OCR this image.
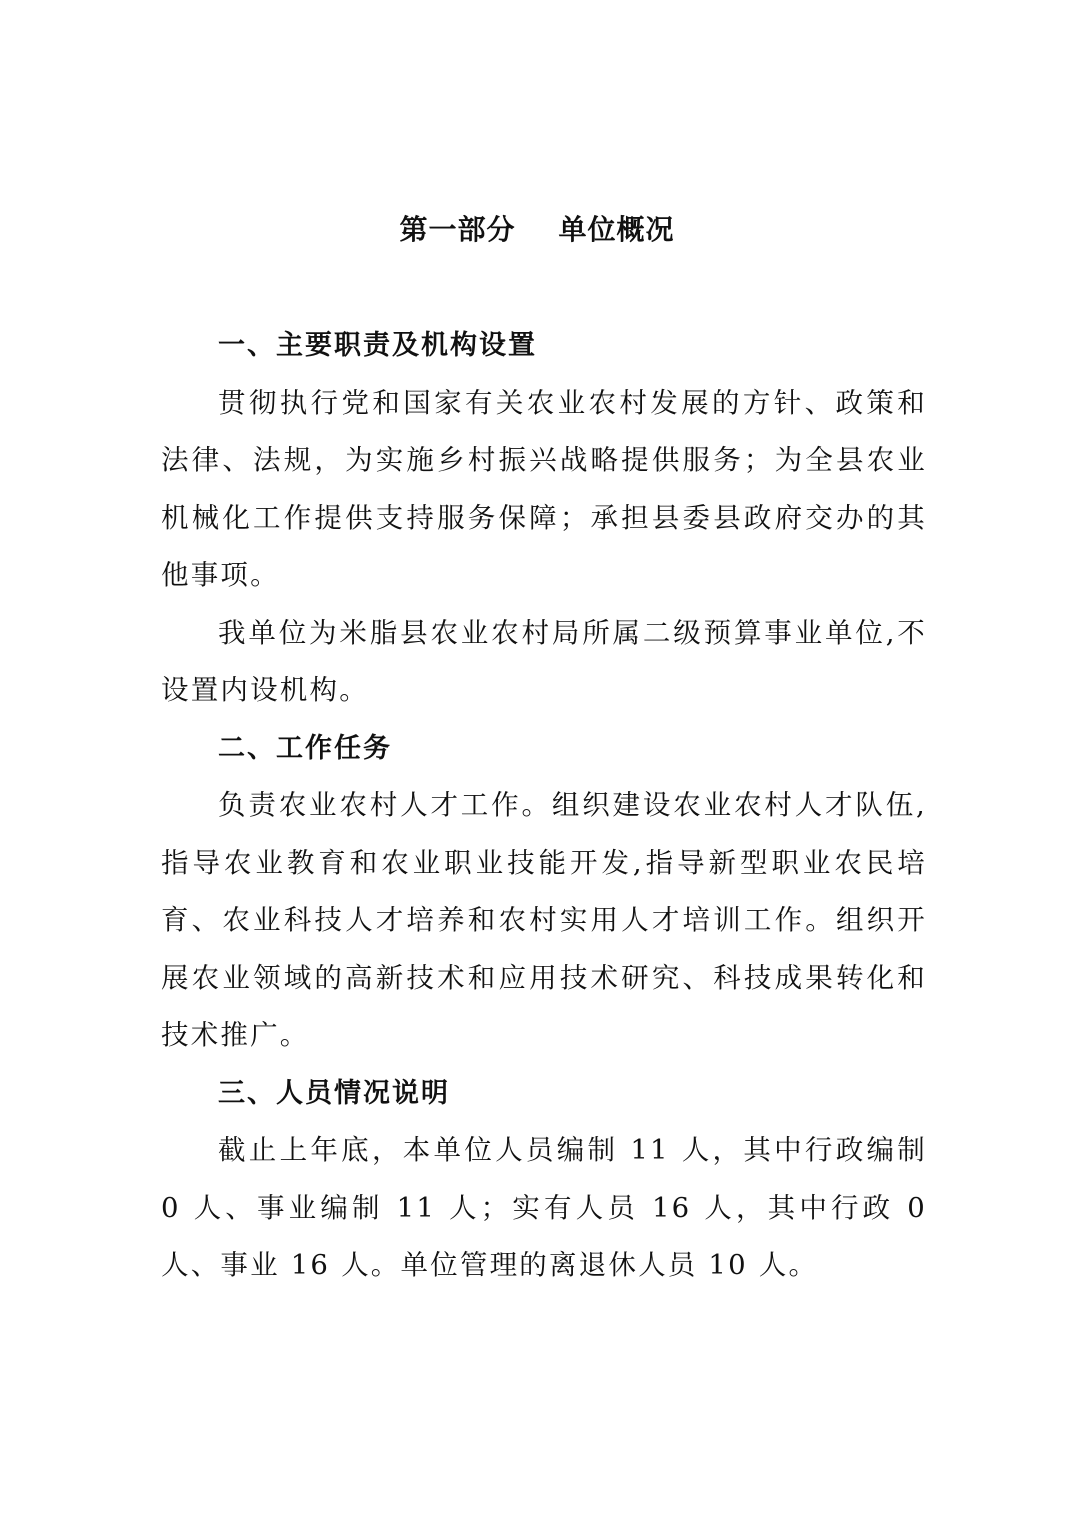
第一部分    单位概况

一、主要职责及机构设置

贯彻执行党和国家有关农业农村发展的方针、政策和法律、法规，为实施乡村振兴战略提供服务；为全县农业机械化工作提供支持服务保障；承担县委县政府交办的其他事项。

我单位为米脂县农业农村局所属二级预算事业单位,不设置内设机构。

二、工作任务

负责农业农村人才工作。组织建设农业农村人才队伍,指导农业教育和农业职业技能开发,指导新型职业农民培育、农业科技人才培养和农村实用人才培训工作。组织开展农业领域的高新技术和应用技术研究、科技成果转化和技术推广。

三、人员情况说明

截止上年底，本单位人员编制 11 人，其中行政编制 0 人、事业编制 11 人；实有人员 16 人，其中行政 0 人、事业 16 人。单位管理的离退休人员 10 人。
